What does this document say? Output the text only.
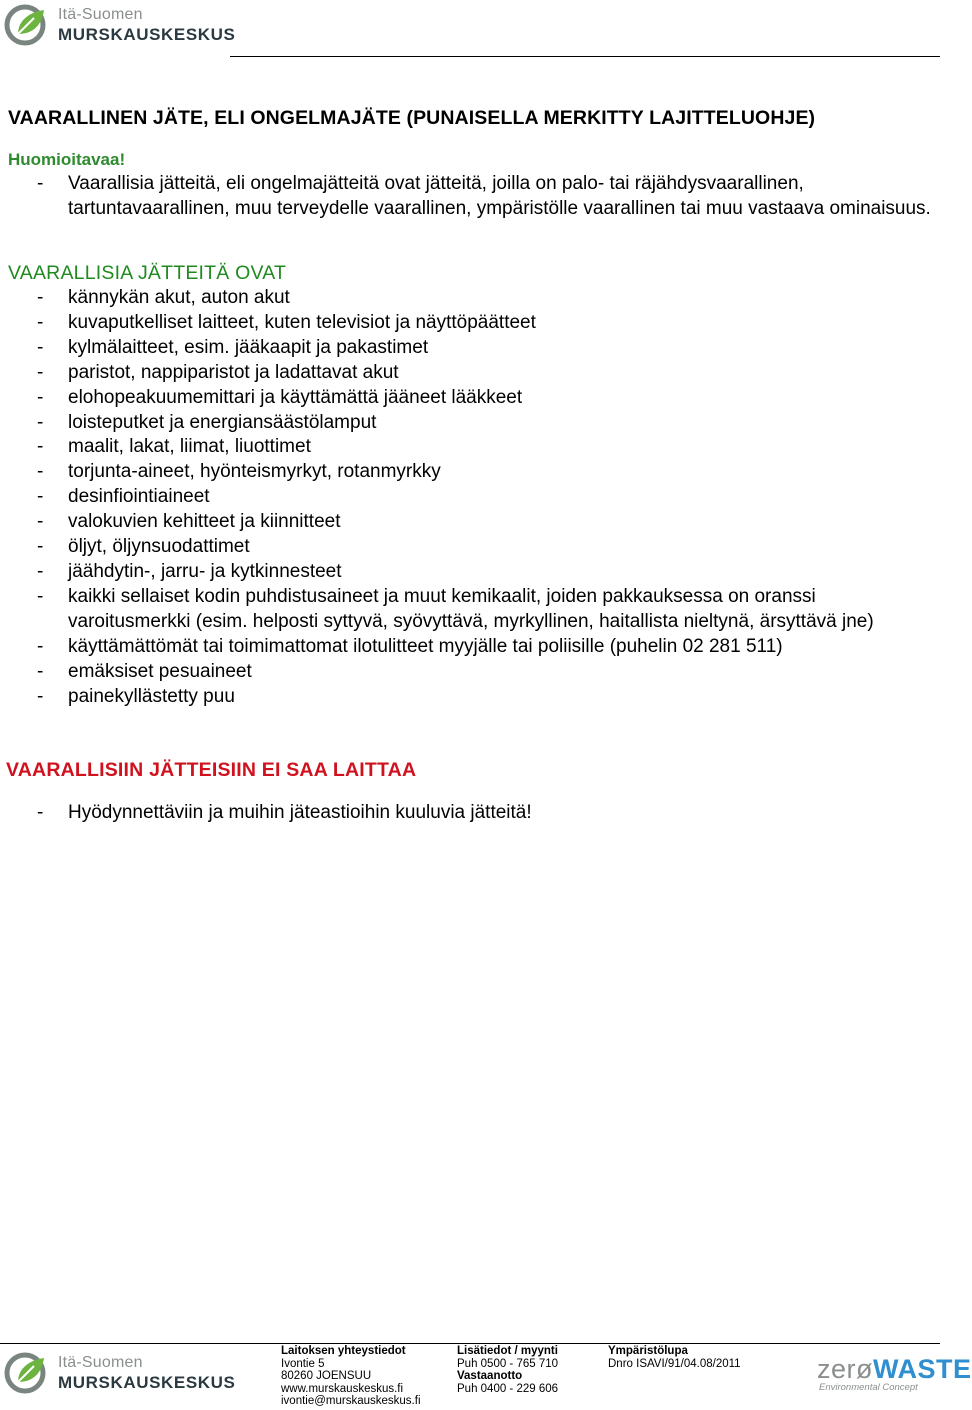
Itä-Suomen
MURSKAUSKESKUS
VAARALLINEN JÄTE, ELI ONGELMAJÄTE (PUNAISELLA MERKITTY LAJITTELUOHJE)
Huomioitavaa!
- Vaarallisia jätteitä, eli ongelmajätteitä ovat jätteitä, joilla on palo- tai räjähdysvaarallinen, tartuntavaarallinen, muu terveydelle vaarallinen, ympäristölle vaarallinen tai muu vastaava ominaisuus.
VAARALLISIA JÄTTEITÄ OVAT
- kännykän akut, auton akut
- kuvaputkelliset laitteet, kuten televisiot ja näyttöpäätteet
- kylmälaitteet, esim. jääkaapit ja pakastimet
- paristot, nappiparistot ja ladattavat akut
- elohopeakuumemittari ja käyttämättä jääneet lääkkeet
- loisteputket ja energiansäästölamput
- maalit, lakat, liimat, liuottimet
- torjunta-aineet, hyönteismyrkyt, rotanmyrkky
- desinfiointiaineet
- valokuvien kehitteet ja kiinnitteet
- öljyt, öljynsuodattimet
- jäähdytin-, jarru- ja kytkinnesteet
- kaikki sellaiset kodin puhdistusaineet ja muut kemikaalit, joiden pakkauksessa on oranssi varoitusmerkki (esim. helposti syttyvä, syövyttävä, myrkyllinen, haitallista nieltynä, ärsyttävä jne)
- käyttämättömät tai toimimattomat ilotulitteet myyjälle tai poliisille (puhelin 02 281 511)
- emäksiset pesuaineet
- painekyllästetty puu
VAARALLISIIN JÄTTEISIIN EI SAA LAITTAA
- Hyödynnettäviin ja muihin jäteastioihin kuuluvia jätteitä!
Itä-Suomen
MURSKAUSKESKUS
Laitoksen yhteystiedot
Ivontie 5
80260 JOENSUU
www.murskauskeskus.fi
ivontie@murskauskeskus.fi
Lisätiedot / myynti
Puh 0500 - 765 710
Vastaanotto
Puh 0400 - 229 606
Ympäristölupa
Dnro ISAVI/91/04.08/2011	zerøWASTE
Environmental Concept
